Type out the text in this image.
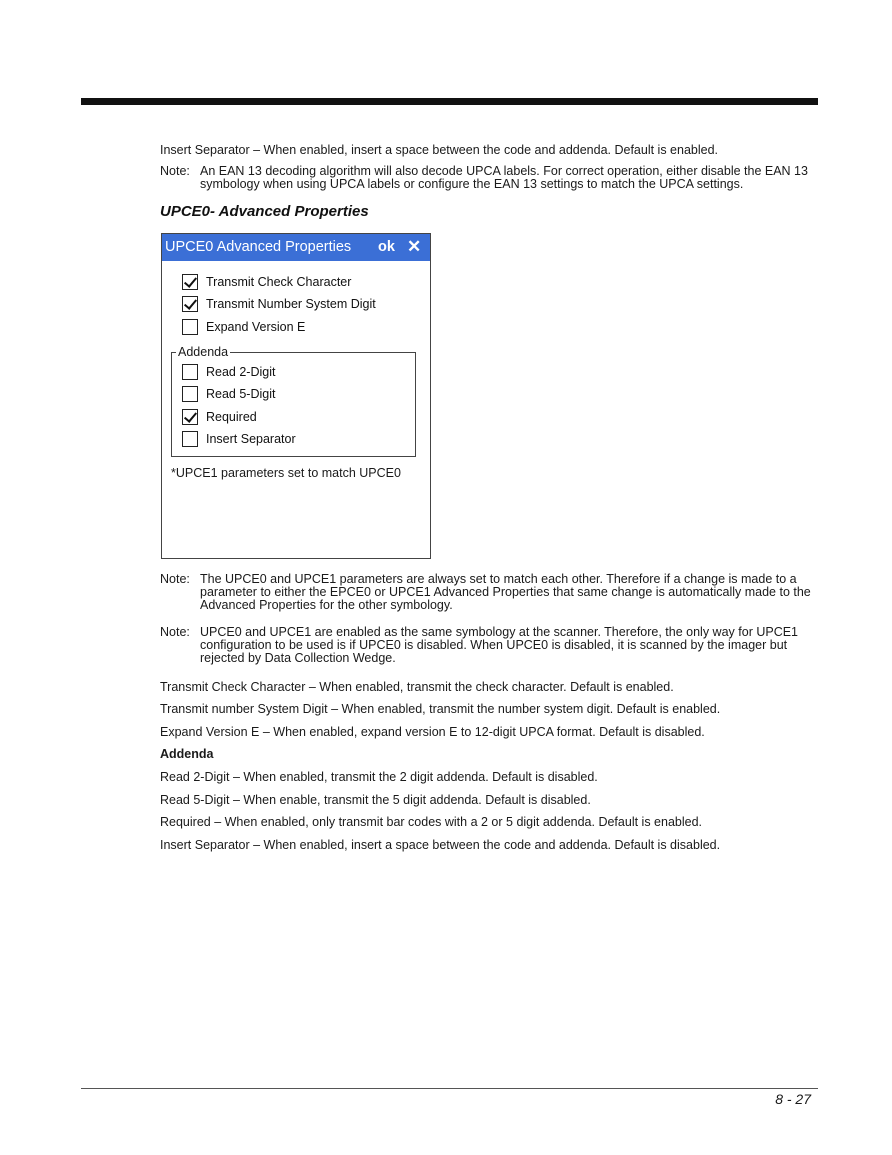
Insert Separator – When enabled, insert a space between the code and addenda. Default is enabled.
Note: An EAN 13 decoding algorithm will also decode UPCA labels. For correct operation, either disable the EAN 13 symbology when using UPCA labels or configure the EAN 13 settings to match the UPCA settings.
UPCE0- Advanced Properties
UPCE0 Advanced Properties ok ✕
Transmit Check Character
Transmit Number System Digit
Expand Version E
Addenda
Read 2-Digit
Read 5-Digit
Required
Insert Separator
*UPCE1 parameters set to match UPCE0
Note: The UPCE0 and UPCE1 parameters are always set to match each other. Therefore if a change is made to a parameter to either the EPCE0 or UPCE1 Advanced Properties that same change is automatically made to the Advanced Properties for the other symbology.
Note: UPCE0 and UPCE1 are enabled as the same symbology at the scanner. Therefore, the only way for UPCE1 configuration to be used is if UPCE0 is disabled. When UPCE0 is disabled, it is scanned by the imager but rejected by Data Collection Wedge.
Transmit Check Character – When enabled, transmit the check character. Default is enabled.
Transmit number System Digit – When enabled, transmit the number system digit. Default is enabled.
Expand Version E – When enabled, expand version E to 12-digit UPCA format. Default is disabled.
Addenda
Read 2-Digit – When enabled, transmit the 2 digit addenda. Default is disabled.
Read 5-Digit – When enable, transmit the 5 digit addenda. Default is disabled.
Required – When enabled, only transmit bar codes with a 2 or 5 digit addenda. Default is enabled.
Insert Separator – When enabled, insert a space between the code and addenda. Default is disabled.
8 - 27
